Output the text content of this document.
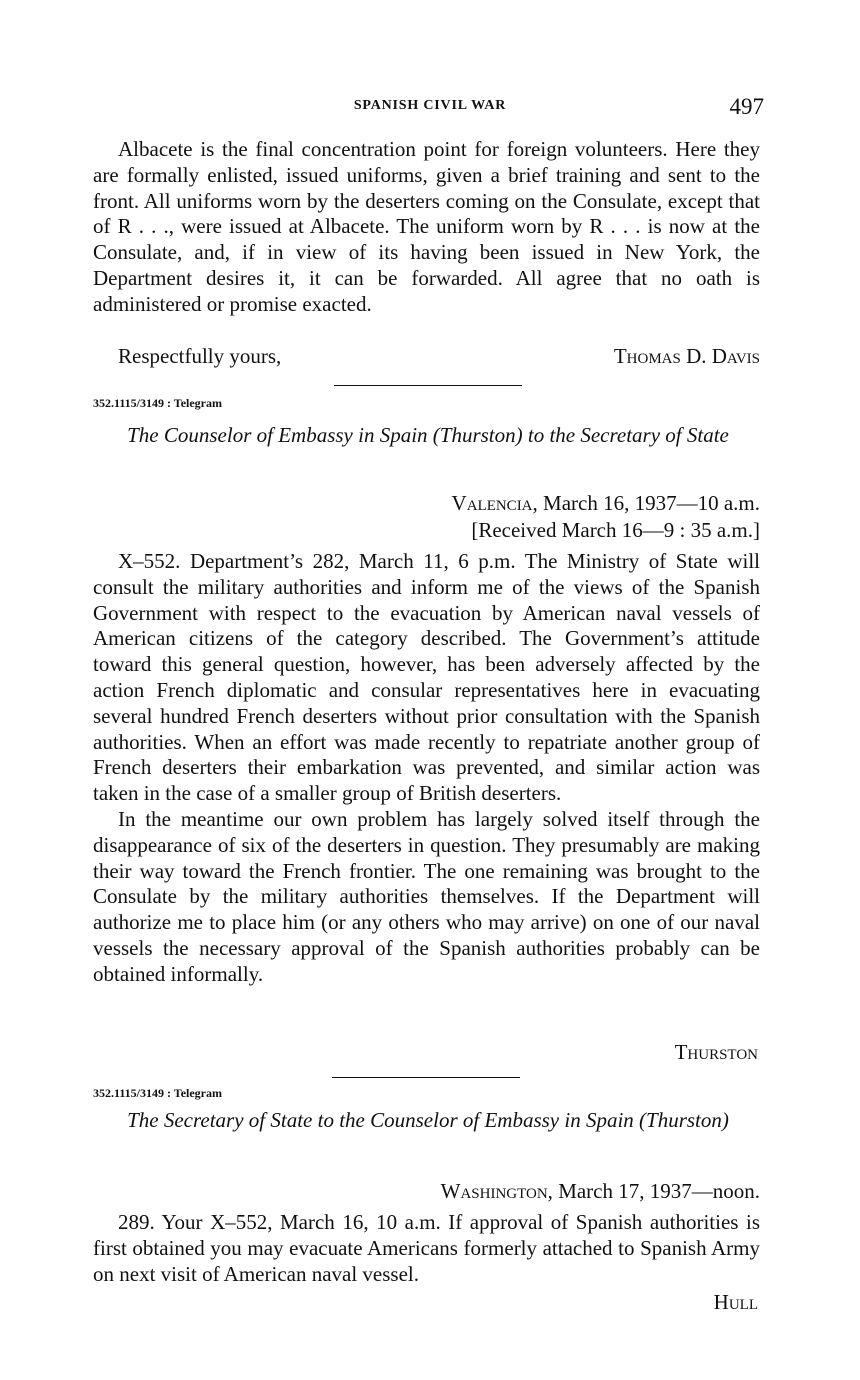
SPANISH CIVIL WAR	497

Albacete is the final concentration point for foreign volunteers. Here they are formally enlisted, issued uniforms, given a brief training and sent to the front. All uniforms worn by the deserters coming on the Consulate, except that of R . . ., were issued at Albacete. The uniform worn by R . . . is now at the Consulate, and, if in view of its having been issued in New York, the Department desires it, it can be forwarded. All agree that no oath is administered or promise exacted.

Respectfully yours,	Thomas D. Davis
352.1115/3149 : Telegram
The Counselor of Embassy in Spain (Thurston) to the Secretary of State
Valencia, March 16, 1937—10 a.m.
[Received March 16—9 : 35 a.m.]

X–552. Department’s 282, March 11, 6 p.m. The Ministry of State will consult the military authorities and inform me of the views of the Spanish Government with respect to the evacuation by American naval vessels of American citizens of the category described. The Government’s attitude toward this general question, however, has been adversely affected by the action French diplomatic and consular representatives here in evacuating several hundred French deserters without prior consultation with the Spanish authorities. When an effort was made recently to repatriate another group of French deserters their embarkation was prevented, and similar action was taken in the case of a smaller group of British deserters.

In the meantime our own problem has largely solved itself through the disappearance of six of the deserters in question. They presumably are making their way toward the French frontier. The one remaining was brought to the Consulate by the military authorities themselves. If the Department will authorize me to place him (or any others who may arrive) on one of our naval vessels the necessary approval of the Spanish authorities probably can be obtained informally.

Thurston
352.1115/3149 : Telegram
The Secretary of State to the Counselor of Embassy in Spain (Thurston)
Washington, March 17, 1937—noon.

289. Your X–552, March 16, 10 a.m. If approval of Spanish authorities is first obtained you may evacuate Americans formerly attached to Spanish Army on next visit of American naval vessel.

Hull
